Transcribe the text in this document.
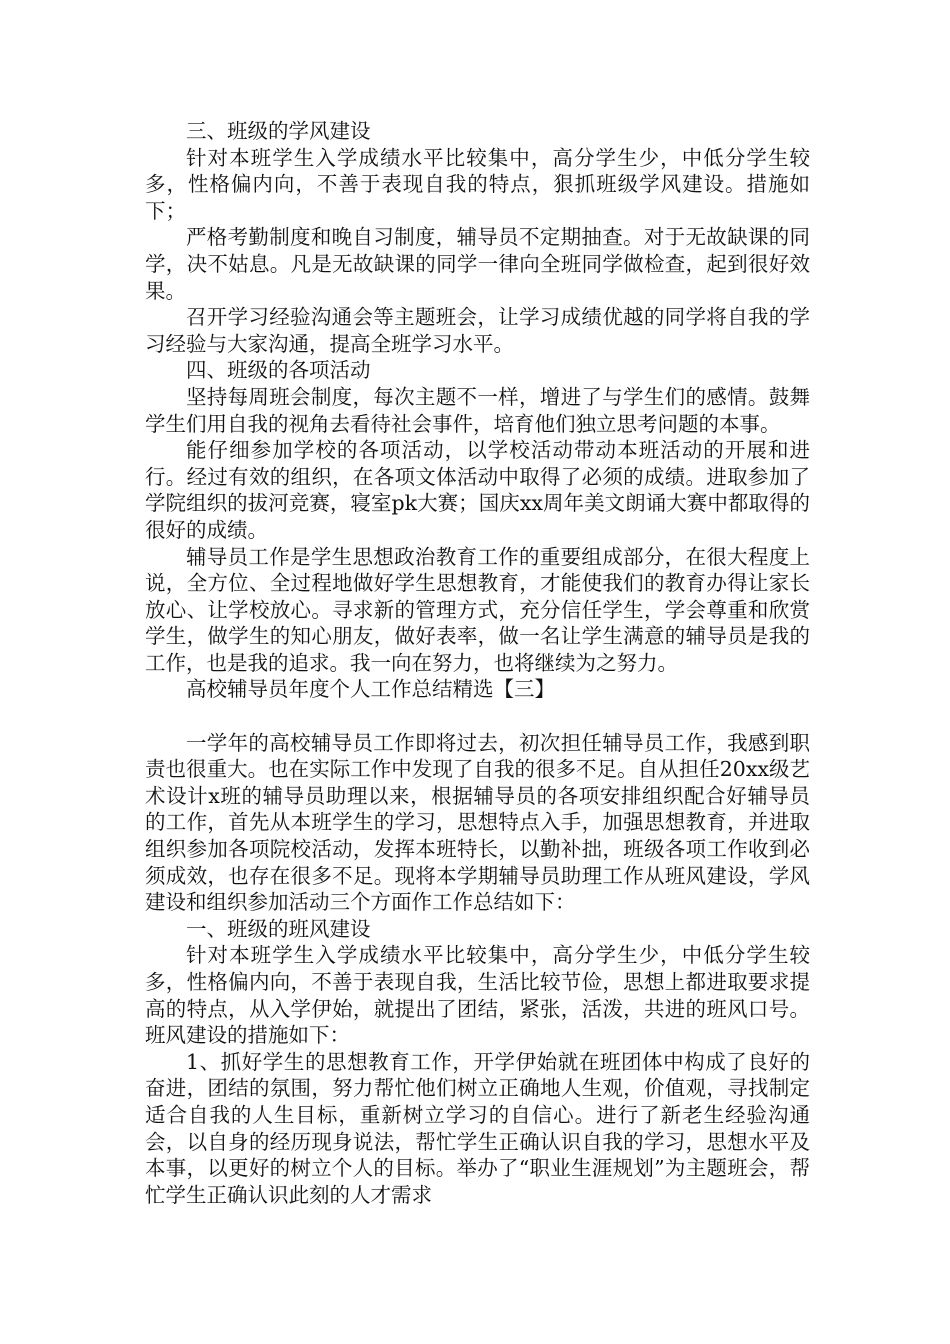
三、班级的学风建设

针对本班学生入学成绩水平比较集中，高分学生少，中低分学生较多，性格偏内向，不善于表现自我的特点，狠抓班级学风建设。措施如下；

严格考勤制度和晚自习制度，辅导员不定期抽查。对于无故缺课的同学，决不姑息。凡是无故缺课的同学一律向全班同学做检查，起到很好效果。

召开学习经验沟通会等主题班会，让学习成绩优越的同学将自我的学习经验与大家沟通，提高全班学习水平。

四、班级的各项活动

坚持每周班会制度，每次主题不一样，增进了与学生们的感情。鼓舞学生们用自我的视角去看待社会事件，培育他们独立思考问题的本事。

能仔细参加学校的各项活动，以学校活动带动本班活动的开展和进行。经过有效的组织，在各项文体活动中取得了必须的成绩。进取参加了学院组织的拔河竞赛，寝室pk大赛；国庆xx周年美文朗诵大赛中都取得的很好的成绩。

辅导员工作是学生思想政治教育工作的重要组成部分，在很大程度上说，全方位、全过程地做好学生思想教育，才能使我们的教育办得让家长放心、让学校放心。寻求新的管理方式，充分信任学生，学会尊重和欣赏学生，做学生的知心朋友，做好表率，做一名让学生满意的辅导员是我的工作，也是我的追求。我一向在努力，也将继续为之努力。

高校辅导员年度个人工作总结精选【三】

一学年的高校辅导员工作即将过去，初次担任辅导员工作，我感到职责也很重大。也在实际工作中发现了自我的很多不足。自从担任20xx级艺术设计x班的辅导员助理以来，根据辅导员的各项安排组织配合好辅导员的工作，首先从本班学生的学习，思想特点入手，加强思想教育，并进取组织参加各项院校活动，发挥本班特长，以勤补拙，班级各项工作收到必须成效，也存在很多不足。现将本学期辅导员助理工作从班风建设，学风建设和组织参加活动三个方面作工作总结如下：

一、班级的班风建设

针对本班学生入学成绩水平比较集中，高分学生少，中低分学生较多，性格偏内向，不善于表现自我，生活比较节俭，思想上都进取要求提高的特点，从入学伊始，就提出了团结，紧张，活泼，共进的班风口号。班风建设的措施如下：

1、抓好学生的思想教育工作，开学伊始就在班团体中构成了良好的奋进，团结的氛围，努力帮忙他们树立正确地人生观，价值观，寻找制定适合自我的人生目标，重新树立学习的自信心。进行了新老生经验沟通会，以自身的经历现身说法，帮忙学生正确认识自我的学习，思想水平及本事，以更好的树立个人的目标。举办了“职业生涯规划”为主题班会，帮忙学生正确认识此刻的人才需求
